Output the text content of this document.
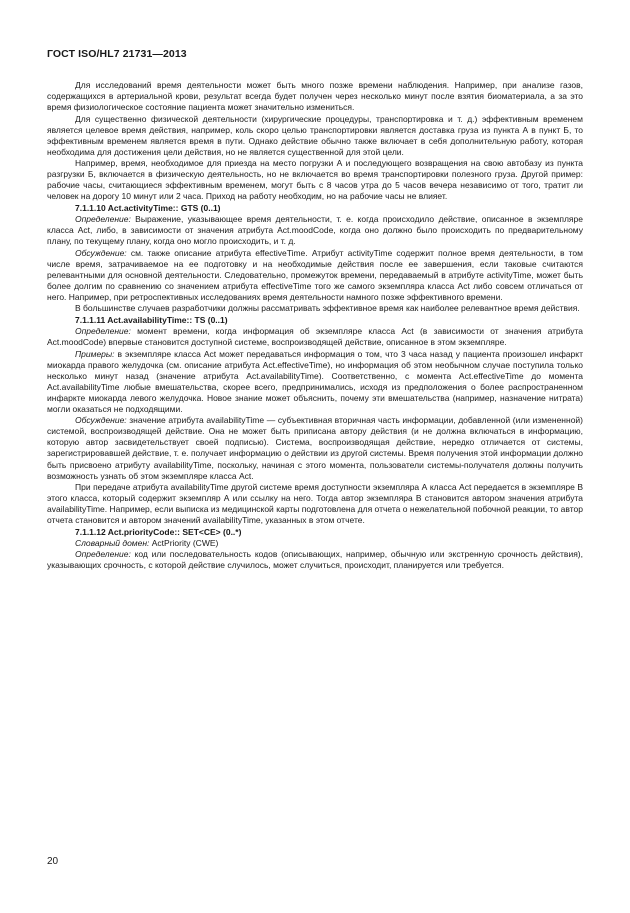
ГОСТ ISO/HL7 21731—2013

Для исследований время деятельности может быть много позже времени наблюдения. Например, при анализе газов, содержащихся в артериальной крови, результат всегда будет получен через несколько минут после взятия биоматериала, а за это время физиологическое состояние пациента может значительно измениться.

Для существенно физической деятельности (хирургические процедуры, транспортировка и т. д.) эффективным временем является целевое время действия, например, коль скоро целью транспортировки является доставка груза из пункта А в пункт Б, то эффективным временем является время в пути. Однако действие обычно также включает в себя дополнительную работу, которая необходима для достижения цели действия, но не является существенной для этой цели.

Например, время, необходимое для приезда на место погрузки А и последующего возвращения на свою автобазу из пункта разгрузки Б, включается в физическую деятельность, но не включается во время транспортировки полезного груза. Другой пример: рабочие часы, считающиеся эффективным временем, могут быть с 8 часов утра до 5 часов вечера независимо от того, тратит ли человек на дорогу 10 минут или 2 часа. Приход на работу необходим, но на рабочие часы не влияет.

7.1.1.10 Act.activityTime:: GTS (0..1)

Определение: Выражение, указывающее время деятельности, т. е. когда происходило действие, описанное в экземпляре класса Act, либо, в зависимости от значения атрибута Act.moodCode, когда оно должно было происходить по предварительному плану, по текущему плану, когда оно могло происходить, и т. д.

Обсуждение: см. также описание атрибута effectiveTime. Атрибут activityTime содержит полное время деятельности, в том числе время, затрачиваемое на ее подготовку и на необходимые действия после ее завершения, если таковые считаются релевантными для основной деятельности. Следовательно, промежуток времени, передаваемый в атрибуте activityTime, может быть более долгим по сравнению со значением атрибута effectiveTime того же самого экземпляра класса Act либо совсем отличаться от него. Например, при ретроспективных исследованиях время деятельности намного позже эффективного времени.

В большинстве случаев разработчики должны рассматривать эффективное время как наиболее релевантное время действия.

7.1.1.11 Act.availabilityTime:: TS (0..1)

Определение: момент времени, когда информация об экземпляре класса Act (в зависимости от значения атрибута Act.moodCode) впервые становится доступной системе, воспроизводящей действие, описанное в этом экземпляре.

Примеры: в экземпляре класса Act может передаваться информация о том, что 3 часа назад у пациента произошел инфаркт миокарда правого желудочка (см. описание атрибута Act.effectiveTime), но информация об этом необычном случае поступила только несколько минут назад (значение атрибута Act.availabilityTime). Соответственно, с момента Act.effectiveTime до момента Act.availabilityTime любые вмешательства, скорее всего, предпринимались, исходя из предположения о более распространенном инфаркте миокарда левого желудочка. Новое знание может объяснить, почему эти вмешательства (например, назначение нитрата) могли оказаться не подходящими.

Обсуждение: значение атрибута availabilityTime — субъективная вторичная часть информации, добавленной (или измененной) системой, воспроизводящей действие. Она не может быть приписана автору действия (и не должна включаться в информацию, которую автор засвидетельствует своей подписью). Система, воспроизводящая действие, нередко отличается от системы, зарегистрировавшей действие, т. е. получает информацию о действии из другой системы. Время получения этой информации должно быть присвоено атрибуту availabilityTime, поскольку, начиная с этого момента, пользователи системы-получателя должны получить возможность узнать об этом экземпляре класса Act.

При передаче атрибута availabilityTime другой системе время доступности экземпляра А класса Act передается в экземпляре В этого класса, который содержит экземпляр А или ссылку на него. Тогда автор экземпляра В становится автором значения атрибута availabilityTime. Например, если выписка из медицинской карты подготовлена для отчета о нежелательной побочной реакции, то автор отчета становится и автором значений availabilityTime, указанных в этом отчете.

7.1.1.12 Act.priorityCode:: SET<CE> (0..*)

Словарный домен: ActPriority (CWE)

Определение: код или последовательность кодов (описывающих, например, обычную или экстренную срочность действия), указывающих срочность, с которой действие случилось, может случиться, происходит, планируется или требуется.

20
